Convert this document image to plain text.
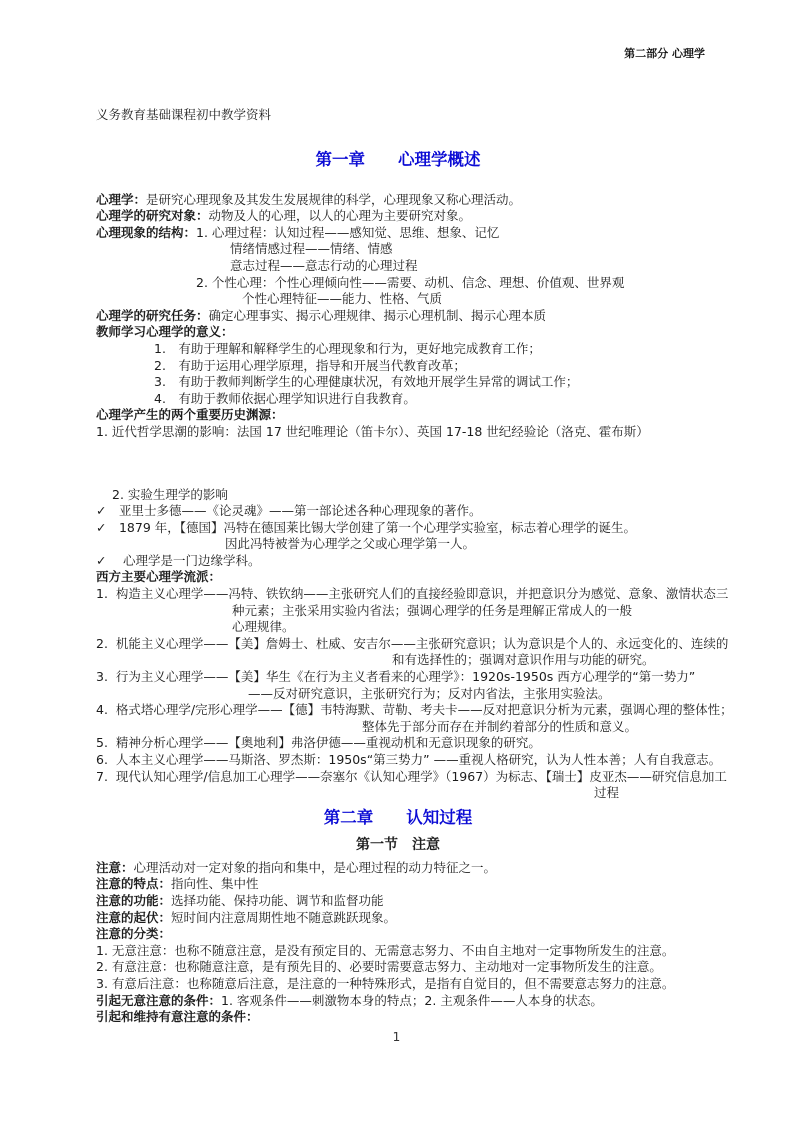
第二部分 心理学
义务教育基础课程初中教学资料
第一章　　心理学概述
心理学：是研究心理现象及其发生发展规律的科学，心理现象又称心理活动。
心理学的研究对象：动物及人的心理，以人的心理为主要研究对象。
心理现象的结构：1. 心理过程：认知过程——感知觉、思维、想象、记忆
情绪情感过程——情绪、情感
意志过程——意志行动的心理过程
2. 个性心理：个性心理倾向性——需要、动机、信念、理想、价值观、世界观
个性心理特征——能力、性格、气质
心理学的研究任务：确定心理事实、揭示心理规律、揭示心理机制、揭示心理本质
教师学习心理学的意义：
1.　有助于理解和解释学生的心理现象和行为，更好地完成教育工作；
2.　有助于运用心理学原理，指导和开展当代教育改革；
3.　有助于教师判断学生的心理健康状况，有效地开展学生异常的调试工作；
4.　有助于教师依据心理学知识进行自我教育。
心理学产生的两个重要历史渊源：
1. 近代哲学思潮的影响：法国 17 世纪唯理论（笛卡尔）、英国 17-18 世纪经验论（洛克、霍布斯）
2. 实验生理学的影响
✓　亚里士多德——《论灵魂》——第一部论述各种心理现象的著作。
✓　1879 年，【德国】冯特在德国莱比锡大学创建了第一个心理学实验室，标志着心理学的诞生。
因此冯特被誉为心理学之父或心理学第一人。
✓　 心理学是一门边缘学科。
西方主要心理学流派：
1.  构造主义心理学——冯特、铁钦纳——主张研究人们的直接经验即意识，并把意识分为感觉、意象、激情状态三
种元素；主张采用实验内省法；强调心理学的任务是理解正常成人的一般
心理规律。
2.  机能主义心理学——【美】詹姆士、杜威、安吉尔——主张研究意识；认为意识是个人的、永远变化的、连续的
和有选择性的；强调对意识作用与功能的研究。
3.  行为主义心理学——【美】华生《在行为主义者看来的心理学》：1920s-1950s 西方心理学的“第一势力”
——反对研究意识，主张研究行为；反对内省法，主张用实验法。
4.  格式塔心理学/完形心理学——【德】韦特海默、苛勒、考夫卡——反对把意识分析为元素，强调心理的整体性；
整体先于部分而存在并制约着部分的性质和意义。
5.  精神分析心理学——【奥地利】弗洛伊德——重视动机和无意识现象的研究。
6.  人本主义心理学——马斯洛、罗杰斯：1950s“第三势力” ——重视人格研究，认为人性本善；人有自我意志。
7.  现代认知心理学/信息加工心理学——奈塞尔《认知心理学》（1967）为标志、【瑞士】皮亚杰——研究信息加工
过程
第二章　　认知过程
第一节　注意
注意：心理活动对一定对象的指向和集中，是心理过程的动力特征之一。
注意的特点：指向性、集中性
注意的功能：选择功能、保持功能、调节和监督功能
注意的起伏：短时间内注意周期性地不随意跳跃现象。
注意的分类：
1. 无意注意：也称不随意注意，是没有预定目的、无需意志努力、不由自主地对一定事物所发生的注意。
2. 有意注意：也称随意注意，是有预先目的、必要时需要意志努力、主动地对一定事物所发生的注意。
3. 有意后注意：也称随意后注意，是注意的一种特殊形式，是指有自觉目的，但不需要意志努力的注意。
引起无意注意的条件：1. 客观条件——刺激物本身的特点；2. 主观条件——人本身的状态。
引起和维持有意注意的条件：
1
